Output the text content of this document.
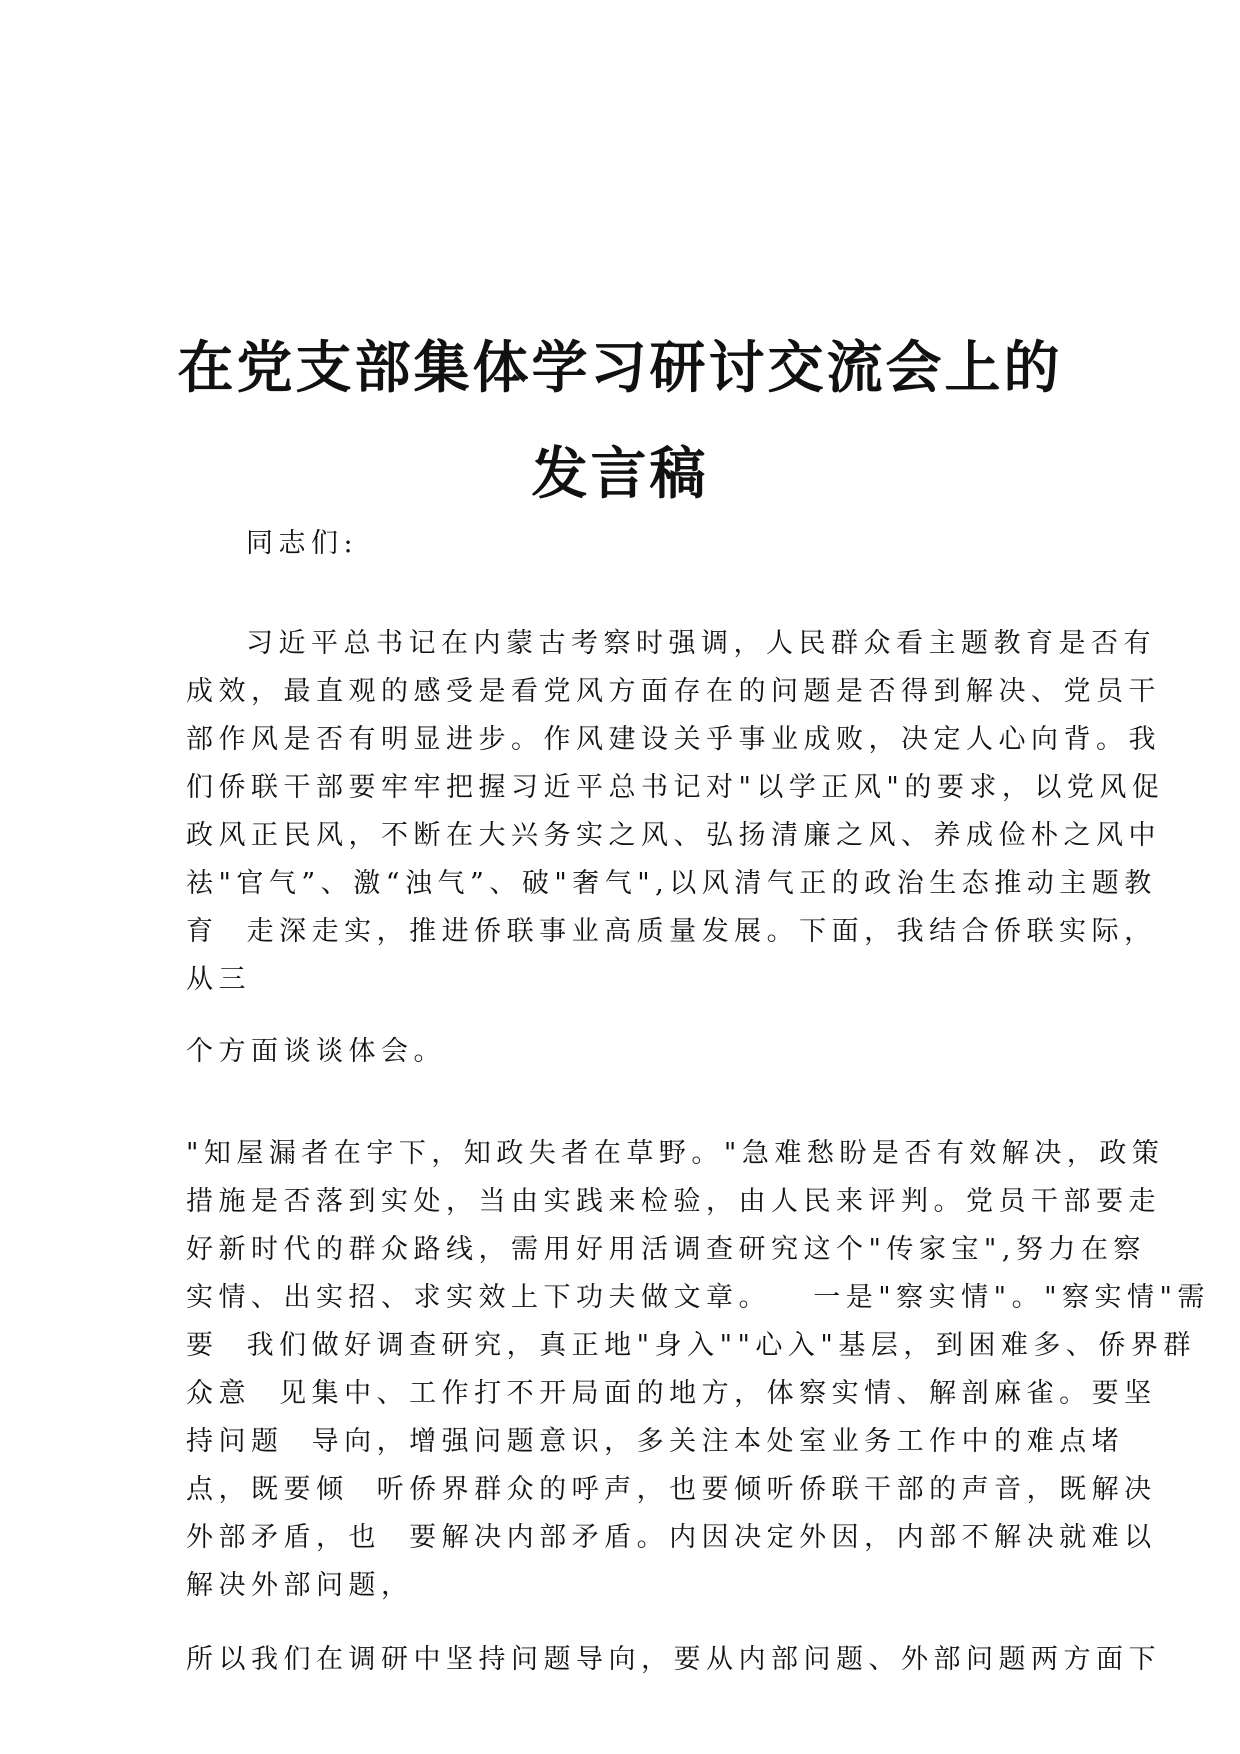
在党支部集体学习研讨交流会上的
发言稿

同志们:

习近平总书记在内蒙古考察时强调，人民群众看主题教育是否有

成效，最直观的感受是看党风方面存在的问题是否得到解决、党员干

部作风是否有明显进步。作风建设关乎事业成败，决定人心向背。我

们侨联干部要牢牢把握习近平总书记对"以学正风"的要求，以党风促

政风正民风，不断在大兴务实之风、弘扬清廉之风、养成俭朴之风中

祛"官气”、激“浊气”、破"奢气",以风清气正的政治生态推动主题教

育  走深走实，推进侨联事业高质量发展。下面，我结合侨联实际，

从三

个方面谈谈体会。

"知屋漏者在宇下，知政失者在草野。"急难愁盼是否有效解决，政策

措施是否落到实处，当由实践来检验，由人民来评判。党员干部要走

好新时代的群众路线，需用好用活调查研究这个"传家宝",努力在察

实情、出实招、求实效上下功夫做文章。   一是"察实情"。"察实情"需

要  我们做好调查研究，真正地"身入""心入"基层，到困难多、侨界群

众意  见集中、工作打不开局面的地方，体察实情、解剖麻雀。要坚

持问题  导向，增强问题意识，多关注本处室业务工作中的难点堵

点，既要倾  听侨界群众的呼声，也要倾听侨联干部的声音，既解决

外部矛盾，也  要解决内部矛盾。内因决定外因，内部不解决就难以

解决外部问题，

所以我们在调研中坚持问题导向，要从内部问题、外部问题两方面下
